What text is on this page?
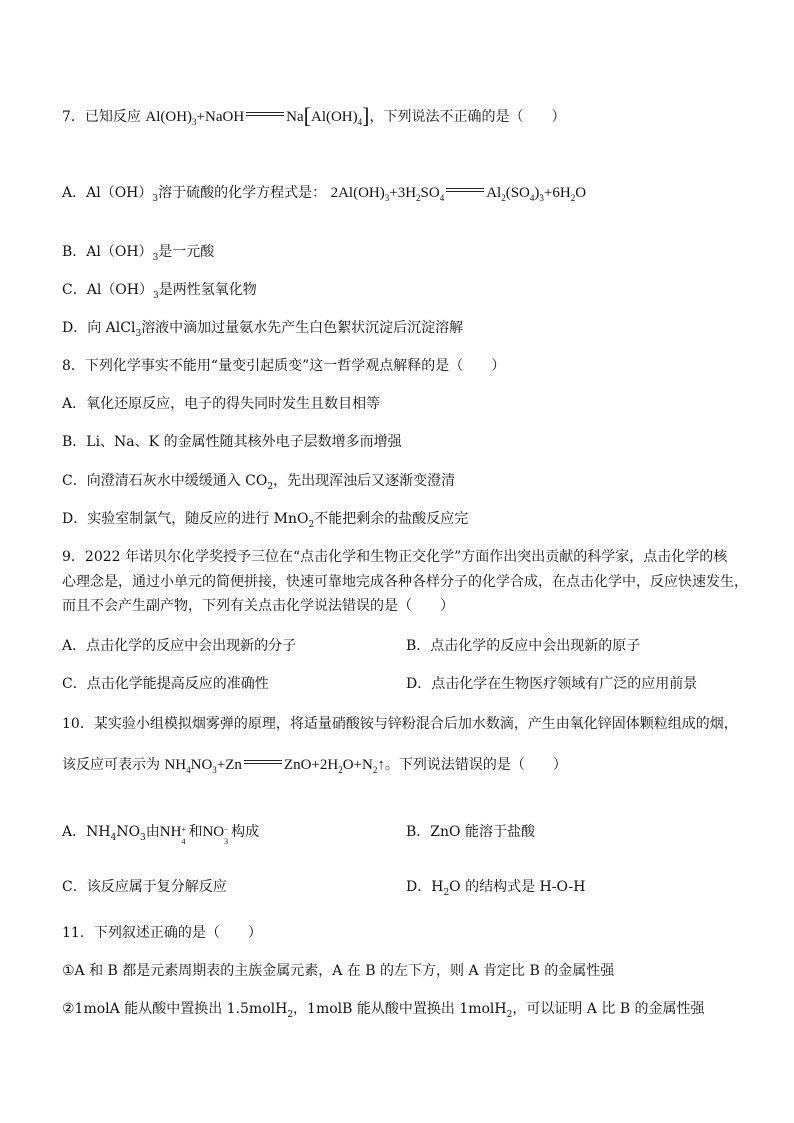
7．已知反应 $Al(OH)_3+NaOH$	$Na[Al(OH)_4]$，下列说法不正确的是（　　）
A．$Al(OH)_3$溶于硫酸的化学方程式是： $2Al(OH)_3+3H_2SO_4$	$Al_2(SO_4)_3+6H_2O$
B．$Al(OH)_3$是一元酸
C．$Al(OH)_3$是两性氢氧化物
D．向 AlCl$_3$溶液中滴加过量氨水先产生白色絮状沉淀后沉淀溶解
8．下列化学事实不能用“量变引起质变”这一哲学观点解释的是（　　）
A．氧化还原反应，电子的得失同时发生且数目相等
B．Li、Na、K 的金属性随其核外电子层数增多而增强
C．向澄清石灰水中缓缓通入 $CO_2$，先出现浑浊后又逐渐变澄清
D．实验室制氯气，随反应的进行 MnO$_2$不能把剩余的盐酸反应完
9．2022 年诺贝尔化学奖授予三位在“点击化学和生物正交化学”方面作出突出贡献的科学家，点击化学的核
心理念是，通过小单元的简便拼接，快速可靠地完成各种各样分子的化学合成，在点击化学中，反应快速发生，
而且不会产生副产物，下列有关点击化学说法错误的是（　　）
A．点击化学的反应中会出现新的分子	B．点击化学的反应中会出现新的原子
C．点击化学能提高反应的准确性	D．点击化学在生物医疗领域有广泛的应用前景
10．某实验小组模拟烟雾弹的原理，将适量硝酸铵与锌粉混合后加水数滴，产生由氧化锌固体颗粒组成的烟，
该反应可表示为 $NH_4NO_3+Zn$	$ZnO+2H_2O+N_2↑$。下列说法错误的是（　　）
A．$NH_4NO_3$由NH +
4
和NO −
3
构成	B．ZnO 能溶于盐酸
C．该反应属于复分解反应	D．$H_2O$ 的结构式是 H-O-H
11．下列叙述正确的是（　　）
①A 和 B 都是元素周期表的主族金属元素，A 在 B 的左下方，则 A 肯定比 B 的金属性强
②1molA 能从酸中置换出 1.5molH$_2$，1molB 能从酸中置换出 1molH$_2$，可以证明 A 比 B 的金属性强
